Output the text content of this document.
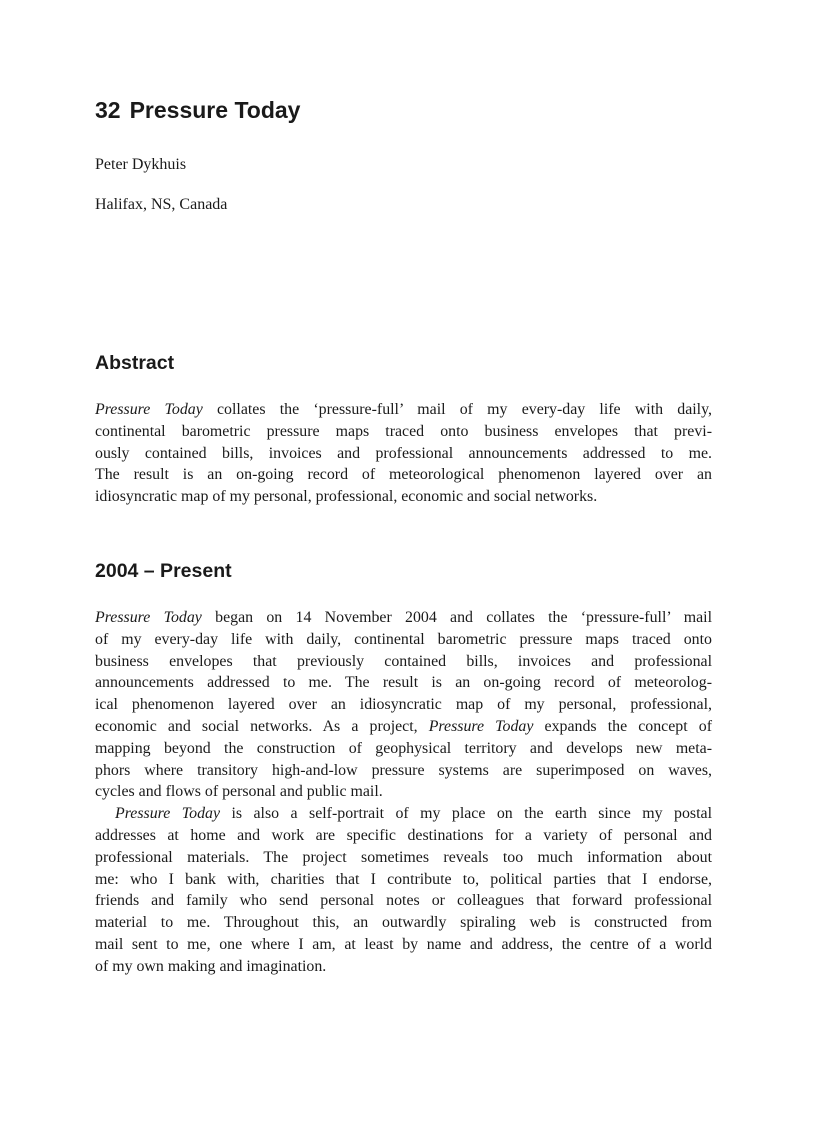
32 Pressure Today

Peter Dykhuis

Halifax, NS, Canada

Abstract
Pressure Today collates the ‘pressure-full’ mail of my every-day life with daily,
continental barometric pressure maps traced onto business envelopes that previ-
ously contained bills, invoices and professional announcements addressed to me.
The result is an on-going record of meteorological phenomenon layered over an
idiosyncratic map of my personal, professional, economic and social networks.
2004 – Present
Pressure Today began on 14 November 2004 and collates the ‘pressure-full’ mail
of my every-day life with daily, continental barometric pressure maps traced onto
business envelopes that previously contained bills, invoices and professional
announcements addressed to me. The result is an on-going record of meteorolog-
ical phenomenon layered over an idiosyncratic map of my personal, professional,
economic and social networks. As a project, Pressure Today expands the concept of
mapping beyond the construction of geophysical territory and develops new meta-
phors where transitory high-and-low pressure systems are superimposed on waves,
cycles and flows of personal and public mail.
Pressure Today is also a self-portrait of my place on the earth since my postal
addresses at home and work are specific destinations for a variety of personal and
professional materials. The project sometimes reveals too much information about
me: who I bank with, charities that I contribute to, political parties that I endorse,
friends and family who send personal notes or colleagues that forward professional
material to me. Throughout this, an outwardly spiraling web is constructed from
mail sent to me, one where I am, at least by name and address, the centre of a world
of my own making and imagination.
